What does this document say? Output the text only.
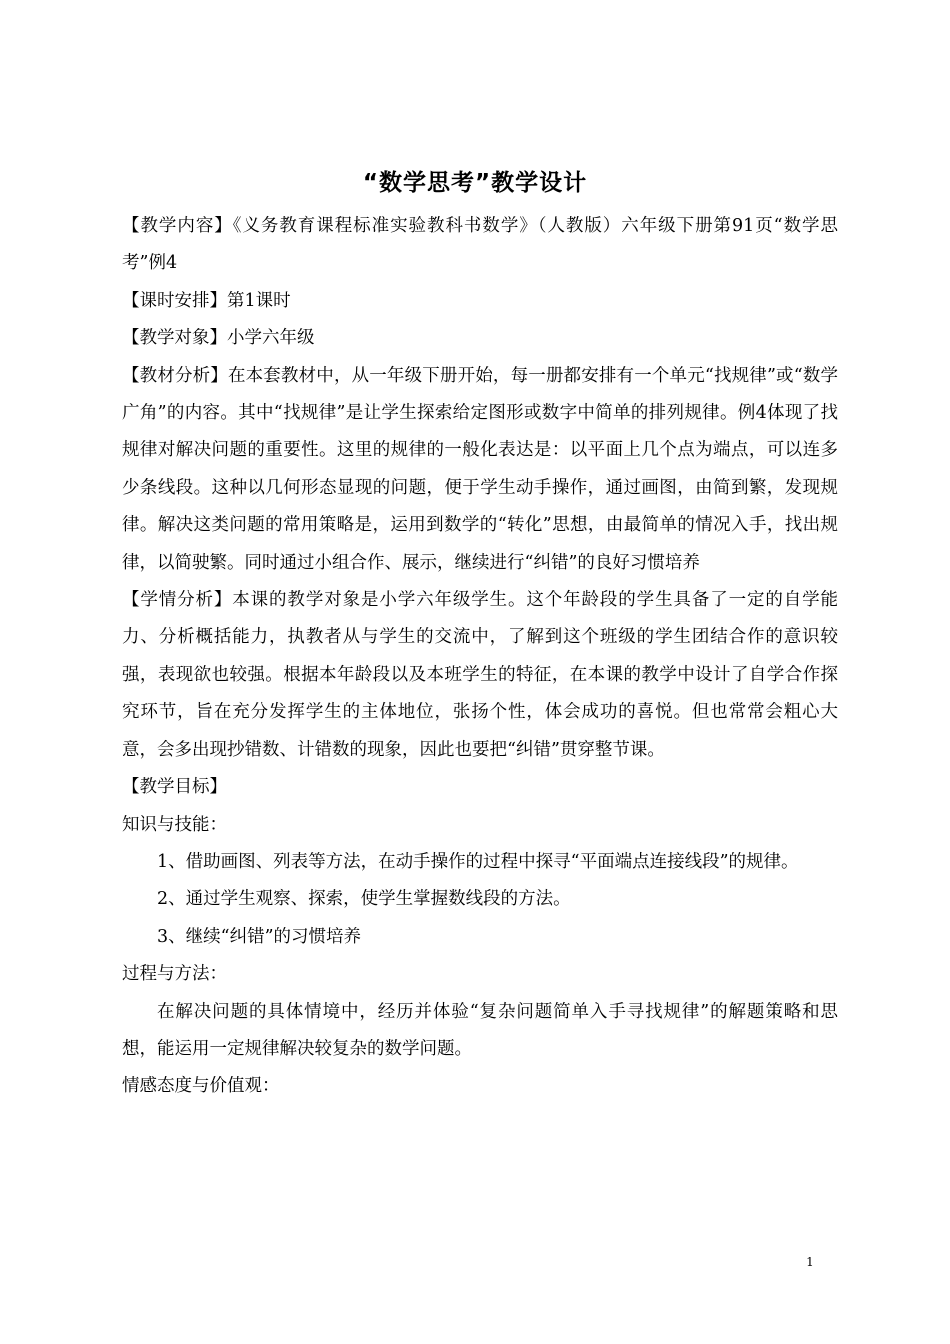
“数学思考”教学设计

【教学内容】《义务教育课程标准实验教科书数学》（人教版）六年级下册第91页“数学思考”例4

【课时安排】第1课时

【教学对象】小学六年级

【教材分析】在本套教材中，从一年级下册开始，每一册都安排有一个单元“找规律”或“数学广角”的内容。其中“找规律”是让学生探索给定图形或数字中简单的排列规律。例4体现了找规律对解决问题的重要性。这里的规律的一般化表达是：以平面上几个点为端点，可以连多少条线段。这种以几何形态显现的问题，便于学生动手操作，通过画图，由简到繁，发现规律。解决这类问题的常用策略是，运用到数学的“转化”思想，由最简单的情况入手，找出规律，以简驶繁。同时通过小组合作、展示，继续进行“纠错”的良好习惯培养

【学情分析】本课的教学对象是小学六年级学生。这个年龄段的学生具备了一定的自学能力、分析概括能力，执教者从与学生的交流中，了解到这个班级的学生团结合作的意识较强，表现欲也较强。根据本年龄段以及本班学生的特征，在本课的教学中设计了自学合作探究环节，旨在充分发挥学生的主体地位，张扬个性，体会成功的喜悦。但也常常会粗心大意，会多出现抄错数、计错数的现象，因此也要把“纠错”贯穿整节课。

【教学目标】

知识与技能：

1、借助画图、列表等方法，在动手操作的过程中探寻“平面端点连接线段”的规律。

2、通过学生观察、探索，使学生掌握数线段的方法。

3、继续“纠错”的习惯培养

过程与方法：

在解决问题的具体情境中，经历并体验“复杂问题简单入手寻找规律”的解题策略和思想，能运用一定规律解决较复杂的数学问题。

情感态度与价值观：

1
